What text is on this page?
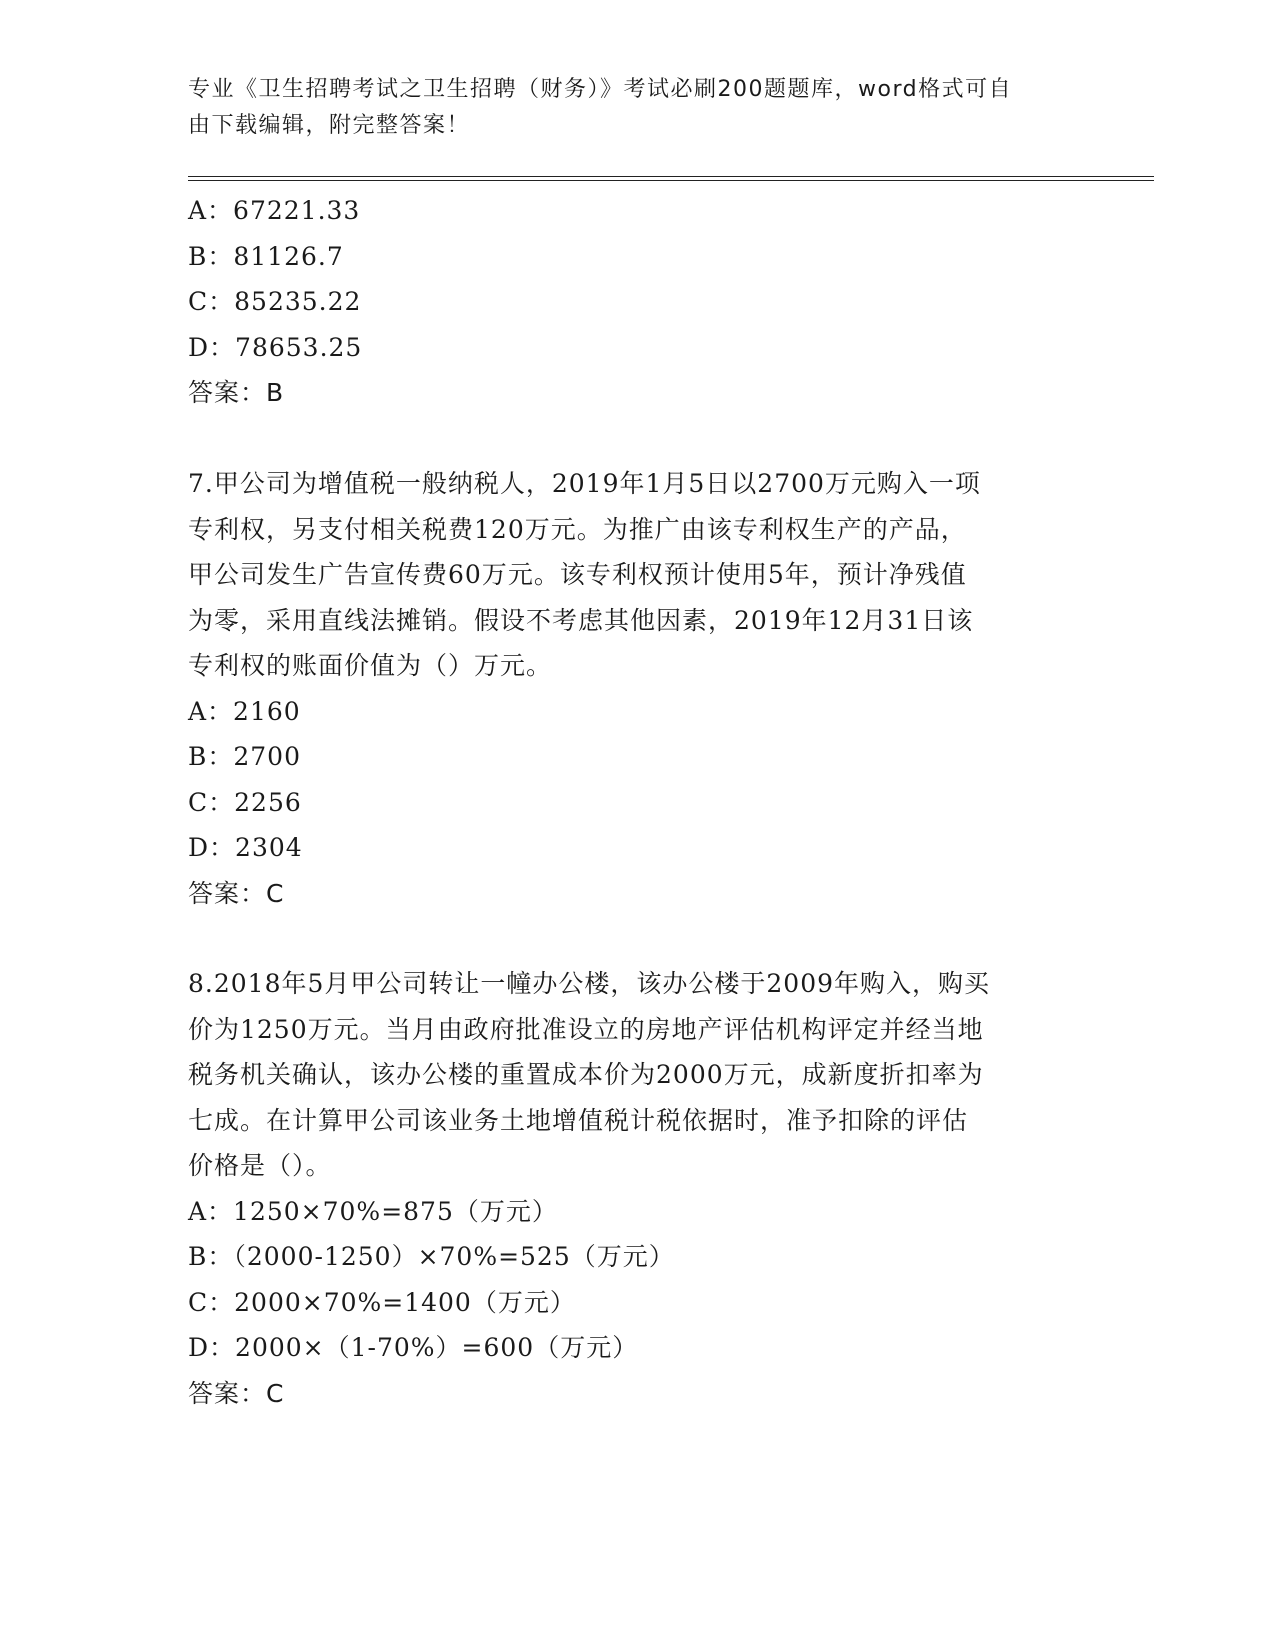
专业《卫生招聘考试之卫生招聘（财务）》考试必刷200题题库，word格式可自
由下载编辑，附完整答案！
A：67221.33
B：81126.7
C：85235.22
D：78653.25
答案：B
7.甲公司为增值税一般纳税人，2019年1月5日以2700万元购入一项
专利权，另支付相关税费120万元。为推广由该专利权生产的产品，
甲公司发生广告宣传费60万元。该专利权预计使用5年，预计净残值
为零，采用直线法摊销。假设不考虑其他因素，2019年12月31日该
专利权的账面价值为（）万元。
A：2160
B：2700
C：2256
D：2304
答案：C
8.2018年5月甲公司转让一幢办公楼，该办公楼于2009年购入，购买
价为1250万元。当月由政府批准设立的房地产评估机构评定并经当地
税务机关确认，该办公楼的重置成本价为2000万元，成新度折扣率为
七成。在计算甲公司该业务土地增值税计税依据时，准予扣除的评估
价格是（）。
A：1250×70%=875（万元）
B：（2000-1250）×70%=525（万元）
C：2000×70%=1400（万元）
D：2000×（1-70%）=600（万元）
答案：C
